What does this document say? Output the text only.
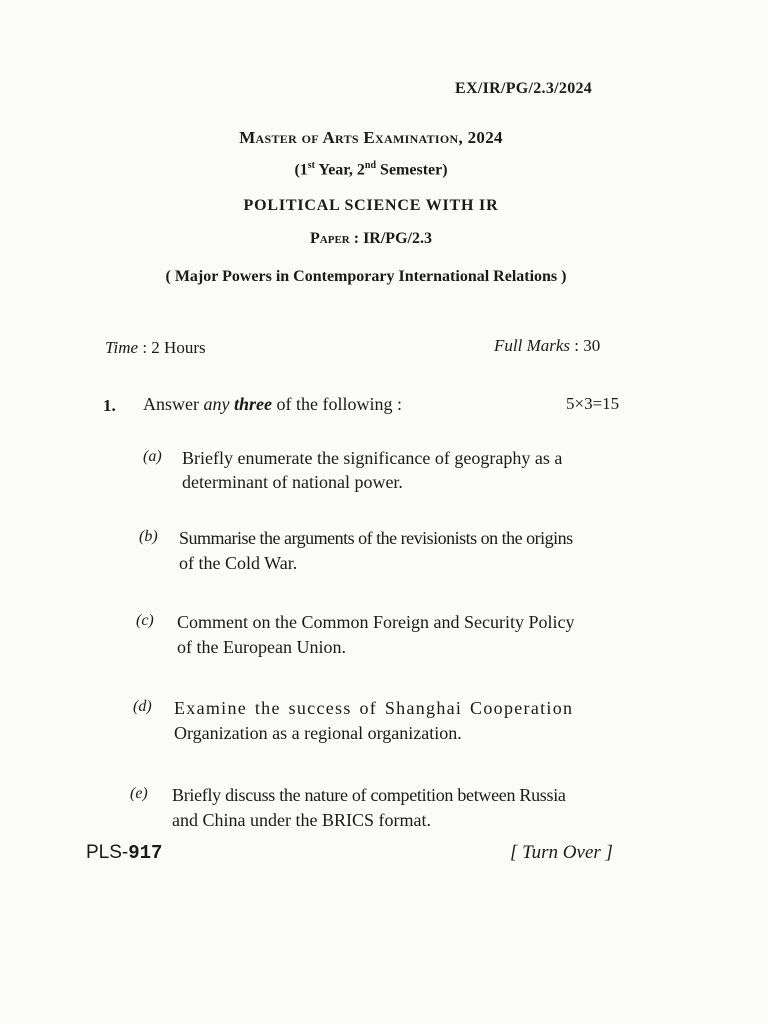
EX/IR/PG/2.3/2024
Master of Arts Examination, 2024
(1st Year, 2nd Semester)
POLITICAL SCIENCE WITH IR
Paper : IR/PG/2.3
( Major Powers in Contemporary International Relations )
Time : 2 Hours	Full Marks : 30
1. Answer any three of the following :	5×3=15
(a) Briefly enumerate the significance of geography as a
determinant of national power.
(b) Summarise the arguments of the revisionists on the origins
of the Cold War.
(c) Comment on the Common Foreign and Security Policy
of the European Union.
(d) Examine the success of Shanghai Cooperation
Organization as a regional organization.
(e) Briefly discuss the nature of competition between Russia
and China under the BRICS format.
PLS-917	[ Turn Over ]
